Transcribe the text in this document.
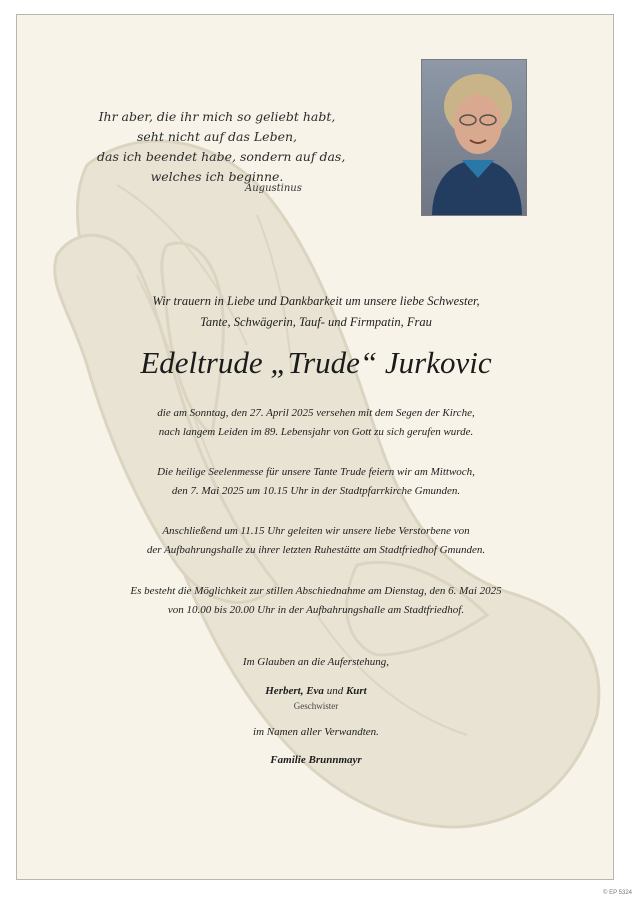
Ihr aber, die ihr mich so geliebt habt,
seht nicht auf das Leben,
das ich beendet habe, sondern auf das,
welches ich beginne.
Augustinus
Wir trauern in Liebe und Dankbarkeit um unsere liebe Schwester,
Tante, Schwägerin, Tauf- und Firmpatin, Frau
Edeltrude „Trude“ Jurkovic
die am Sonntag, den 27. April 2025 versehen mit dem Segen der Kirche,
nach langem Leiden im 89. Lebensjahr von Gott zu sich gerufen wurde.
Die heilige Seelenmesse für unsere Tante Trude feiern wir am Mittwoch,
den 7. Mai 2025 um 10.15 Uhr in der Stadtpfarrkirche Gmunden.
Anschließend um 11.15 Uhr geleiten wir unsere liebe Verstorbene von
der Aufbahrungshalle zu ihrer letzten Ruhestätte am Stadtfriedhof Gmunden.
Es besteht die Möglichkeit zur stillen Abschiednahme am Dienstag, den 6. Mai 2025
von 10.00 bis 20.00 Uhr in der Aufbahrungshalle am Stadtfriedhof.
Im Glauben an die Auferstehung,
Herbert, Eva und Kurt
Geschwister
im Namen aller Verwandten.
Familie Brunnmayr
© EP 5324
